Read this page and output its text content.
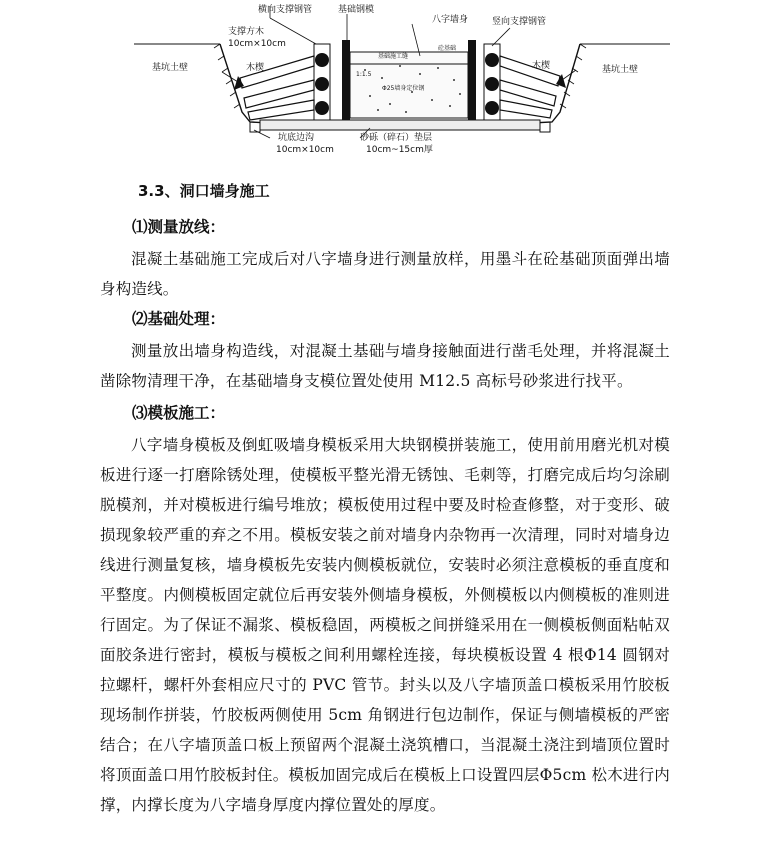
横向支撑钢管	基础钢模
八字墙身	竖向支撑钢管
支撑方木
10cm×10cm
木楔	木楔
基坑土壁	基坑土壁
坑底边沟
10cm×10cm
砂砾（碎石）垫层
10cm~15cm厚
基础施工缝
砼基础
Φ25墙身定位钢
1:1.5
3.3、洞口墙身施工
⑴测量放线：

混凝土基础施工完成后对八字墙身进行测量放样，用墨斗在砼基础顶面弹出墙身构造线。

⑵基础处理：

测量放出墙身构造线，对混凝土基础与墙身接触面进行凿毛处理，并将混凝土凿除物清理干净，在基础墙身支模位置处使用 M12.5 高标号砂浆进行找平。

⑶模板施工：

八字墙身模板及倒虹吸墙身模板采用大块钢模拼装施工，使用前用磨光机对模板进行逐一打磨除锈处理，使模板平整光滑无锈蚀、毛刺等，打磨完成后均匀涂刷脱模剂，并对模板进行编号堆放；模板使用过程中要及时检查修整，对于变形、破损现象较严重的弃之不用。模板安装之前对墙身内杂物再一次清理，同时对墙身边线进行测量复核，墙身模板先安装内侧模板就位，安装时必须注意模板的垂直度和平整度。内侧模板固定就位后再安装外侧墙身模板，外侧模板以内侧模板的准则进行固定。为了保证不漏浆、模板稳固，两模板之间拼缝采用在一侧模板侧面粘帖双面胶条进行密封，模板与模板之间利用螺栓连接，每块模板设置 4 根Φ14 圆钢对拉螺杆，螺杆外套相应尺寸的 PVC 管节。封头以及八字墙顶盖口模板采用竹胶板现场制作拼装，竹胶板两侧使用 5cm 角钢进行包边制作，保证与侧墙模板的严密结合；在八字墙顶盖口板上预留两个混凝土浇筑槽口，当混凝土浇注到墙顶位置时将顶面盖口用竹胶板封住。模板加固完成后在模板上口设置四层Φ5cm 松木进行内撑，内撑长度为八字墙身厚度内撑位置处的厚度。
